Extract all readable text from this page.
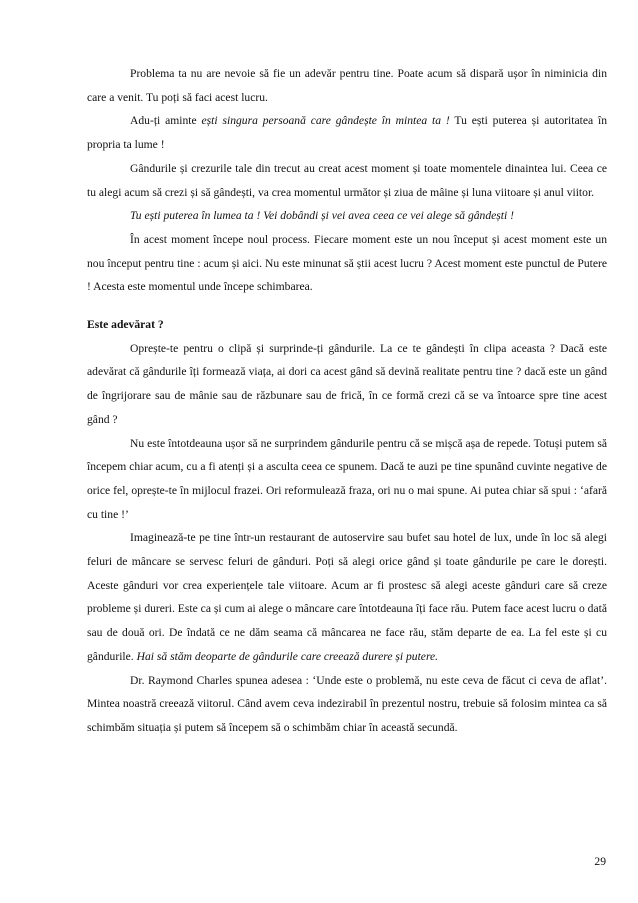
Problema ta nu are nevoie să fie un adevăr pentru tine. Poate acum să dispară ușor în niminicia din care a venit. Tu poți să faci acest lucru.

Adu-ți aminte ești singura persoană care gândește în mintea ta ! Tu ești puterea și autoritatea în propria ta lume !

Gândurile și crezurile tale din trecut au creat acest moment și toate momentele dinaintea lui. Ceea ce tu alegi acum să crezi și să gândești, va crea momentul următor și ziua de mâine și luna viitoare și anul viitor.

Tu ești puterea în lumea ta ! Vei dobândi și vei avea ceea ce vei alege să gândești !

În acest moment începe noul process. Fiecare moment este un nou început și acest moment este un nou început pentru tine : acum și aici. Nu este minunat să știi acest lucru ? Acest moment este punctul de Putere ! Acesta este momentul unde începe schimbarea.

Este adevărat ?

Oprește-te pentru o clipă și surprinde-ți gândurile. La ce te gândești în clipa aceasta ? Dacă este adevărat că gândurile îți formează viața, ai dori ca acest gând să devină realitate pentru tine ? dacă este un gând de îngrijorare sau de mânie sau de răzbunare sau de frică, în ce formă crezi că se va întoarce spre tine acest gând ?

Nu este întotdeauna ușor să ne surprindem gândurile pentru că se mișcă așa de repede. Totuși putem să începem chiar acum, cu a fi atenți și a asculta ceea ce spunem. Dacă te auzi pe tine spunând cuvinte negative de orice fel, oprește-te în mijlocul frazei. Ori reformulează fraza, ori nu o mai spune. Ai putea chiar să spui : ‘afară cu tine !’

Imaginează-te pe tine într-un restaurant de autoservire sau bufet sau hotel de lux, unde în loc să alegi feluri de mâncare se servesc feluri de gânduri. Poți să alegi orice gând și toate gândurile pe care le dorești. Aceste gânduri vor crea experiențele tale viitoare. Acum ar fi prostesc să alegi aceste gânduri care să creze probleme și dureri. Este ca și cum ai alege o mâncare care întotdeauna îți face rău. Putem face acest lucru o dată sau de două ori. De îndată ce ne dăm seama că mâncarea ne face rău, stăm departe de ea. La fel este și cu gândurile. Hai să stăm deoparte de gândurile care creează durere și putere.

Dr. Raymond Charles spunea adesea : ‘Unde este o problemă, nu este ceva de făcut ci ceva de aflat’. Mintea noastră creează viitorul. Când avem ceva indezirabil în prezentul nostru, trebuie să folosim mintea ca să schimbăm situația și putem să începem să o schimbăm chiar în această secundă.

29
